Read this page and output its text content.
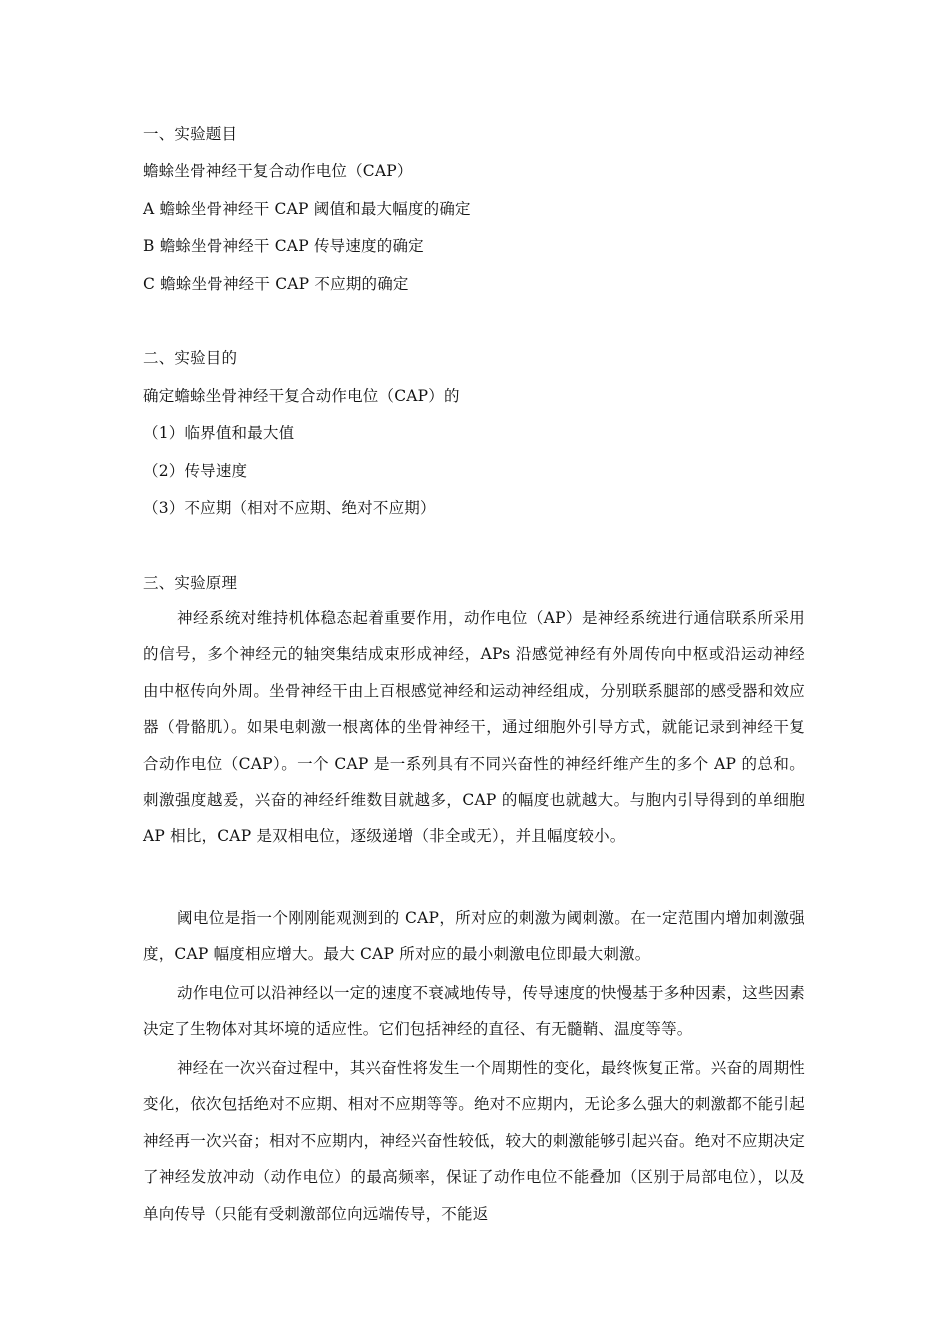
一、实验题目
蟾蜍坐骨神经干复合动作电位（CAP）
A 蟾蜍坐骨神经干 CAP 阈值和最大幅度的确定
B 蟾蜍坐骨神经干 CAP 传导速度的确定
C 蟾蜍坐骨神经干 CAP 不应期的确定
二、实验目的
确定蟾蜍坐骨神经干复合动作电位（CAP）的
（1）临界值和最大值
（2）传导速度
（3）不应期（相对不应期、绝对不应期）
三、实验原理
神经系统对维持机体稳态起着重要作用，动作电位（AP）是神经系统进行通信联系所采用的信号，多个神经元的轴突集结成束形成神经，APs 沿感觉神经有外周传向中枢或沿运动神经由中枢传向外周。坐骨神经干由上百根感觉神经和运动神经组成，分别联系腿部的感受器和效应器（骨骼肌）。如果电刺激一根离体的坐骨神经干，通过细胞外引导方式，就能记录到神经干复合动作电位（CAP）。一个 CAP 是一系列具有不同兴奋性的神经纤维产生的多个 AP 的总和。刺激强度越爰，兴奋的神经纤维数目就越多，CAP 的幅度也就越大。与胞内引导得到的单细胞 AP 相比，CAP 是双相电位，逐级递增（非全或无），并且幅度较小。
阈电位是指一个刚刚能观测到的 CAP，所对应的刺激为阈刺激。在一定范围内增加刺激强度，CAP 幅度相应增大。最大 CAP 所对应的最小刺激电位即最大刺激。
动作电位可以沿神经以一定的速度不衰减地传导，传导速度的快慢基于多种因素，这些因素决定了生物体对其坏境的适应性。它们包括神经的直径、有无髓鞘、温度等等。
神经在一次兴奋过程中，其兴奋性将发生一个周期性的变化，最终恢复正常。兴奋的周期性变化，依次包括绝对不应期、相对不应期等等。绝对不应期内，无论多么强大的刺激都不能引起神经再一次兴奋；相对不应期内，神经兴奋性较低，较大的刺激能够引起兴奋。绝对不应期决定了神经发放冲动（动作电位）的最高频率，保证了动作电位不能叠加（区别于局部电位），以及单向传导（只能有受刺激部位向远端传导，不能返
